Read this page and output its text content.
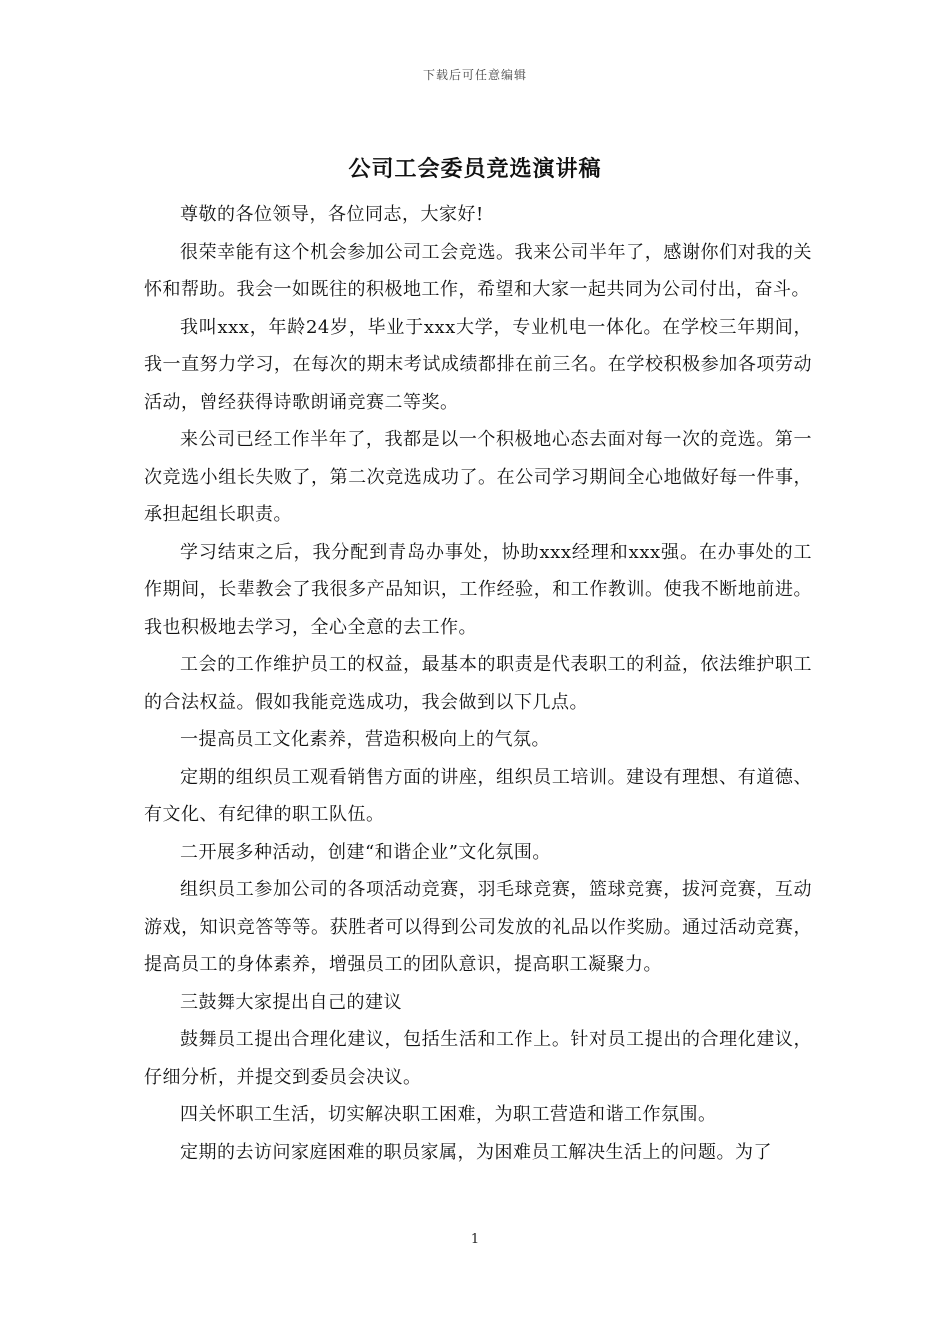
下载后可任意编辑
公司工会委员竞选演讲稿

尊敬的各位领导，各位同志，大家好!

很荣幸能有这个机会参加公司工会竞选。我来公司半年了，感谢你们对我的关怀和帮助。我会一如既往的积极地工作，希望和大家一起共同为公司付出，奋斗。

我叫xxx，年龄24岁，毕业于xxx大学，专业机电一体化。在学校三年期间，我一直努力学习，在每次的期末考试成绩都排在前三名。在学校积极参加各项劳动活动，曾经获得诗歌朗诵竞赛二等奖。

来公司已经工作半年了，我都是以一个积极地心态去面对每一次的竞选。第一次竞选小组长失败了，第二次竞选成功了。在公司学习期间全心地做好每一件事，承担起组长职责。

学习结束之后，我分配到青岛办事处，协助xxx经理和xxx强。在办事处的工作期间，长辈教会了我很多产品知识，工作经验，和工作教训。使我不断地前进。我也积极地去学习，全心全意的去工作。

工会的工作维护员工的权益，最基本的职责是代表职工的利益，依法维护职工的合法权益。假如我能竞选成功，我会做到以下几点。

一提高员工文化素养，营造积极向上的气氛。

定期的组织员工观看销售方面的讲座，组织员工培训。建设有理想、有道德、有文化、有纪律的职工队伍。

二开展多种活动，创建“和谐企业”文化氛围。

组织员工参加公司的各项活动竞赛，羽毛球竞赛，篮球竞赛，拔河竞赛，互动游戏，知识竞答等等。获胜者可以得到公司发放的礼品以作奖励。通过活动竞赛，提高员工的身体素养，增强员工的团队意识，提高职工凝聚力。

三鼓舞大家提出自己的建议

鼓舞员工提出合理化建议，包括生活和工作上。针对员工提出的合理化建议，仔细分析，并提交到委员会决议。

四关怀职工生活，切实解决职工困难，为职工营造和谐工作氛围。

定期的去访问家庭困难的职员家属，为困难员工解决生活上的问题。为了

1
